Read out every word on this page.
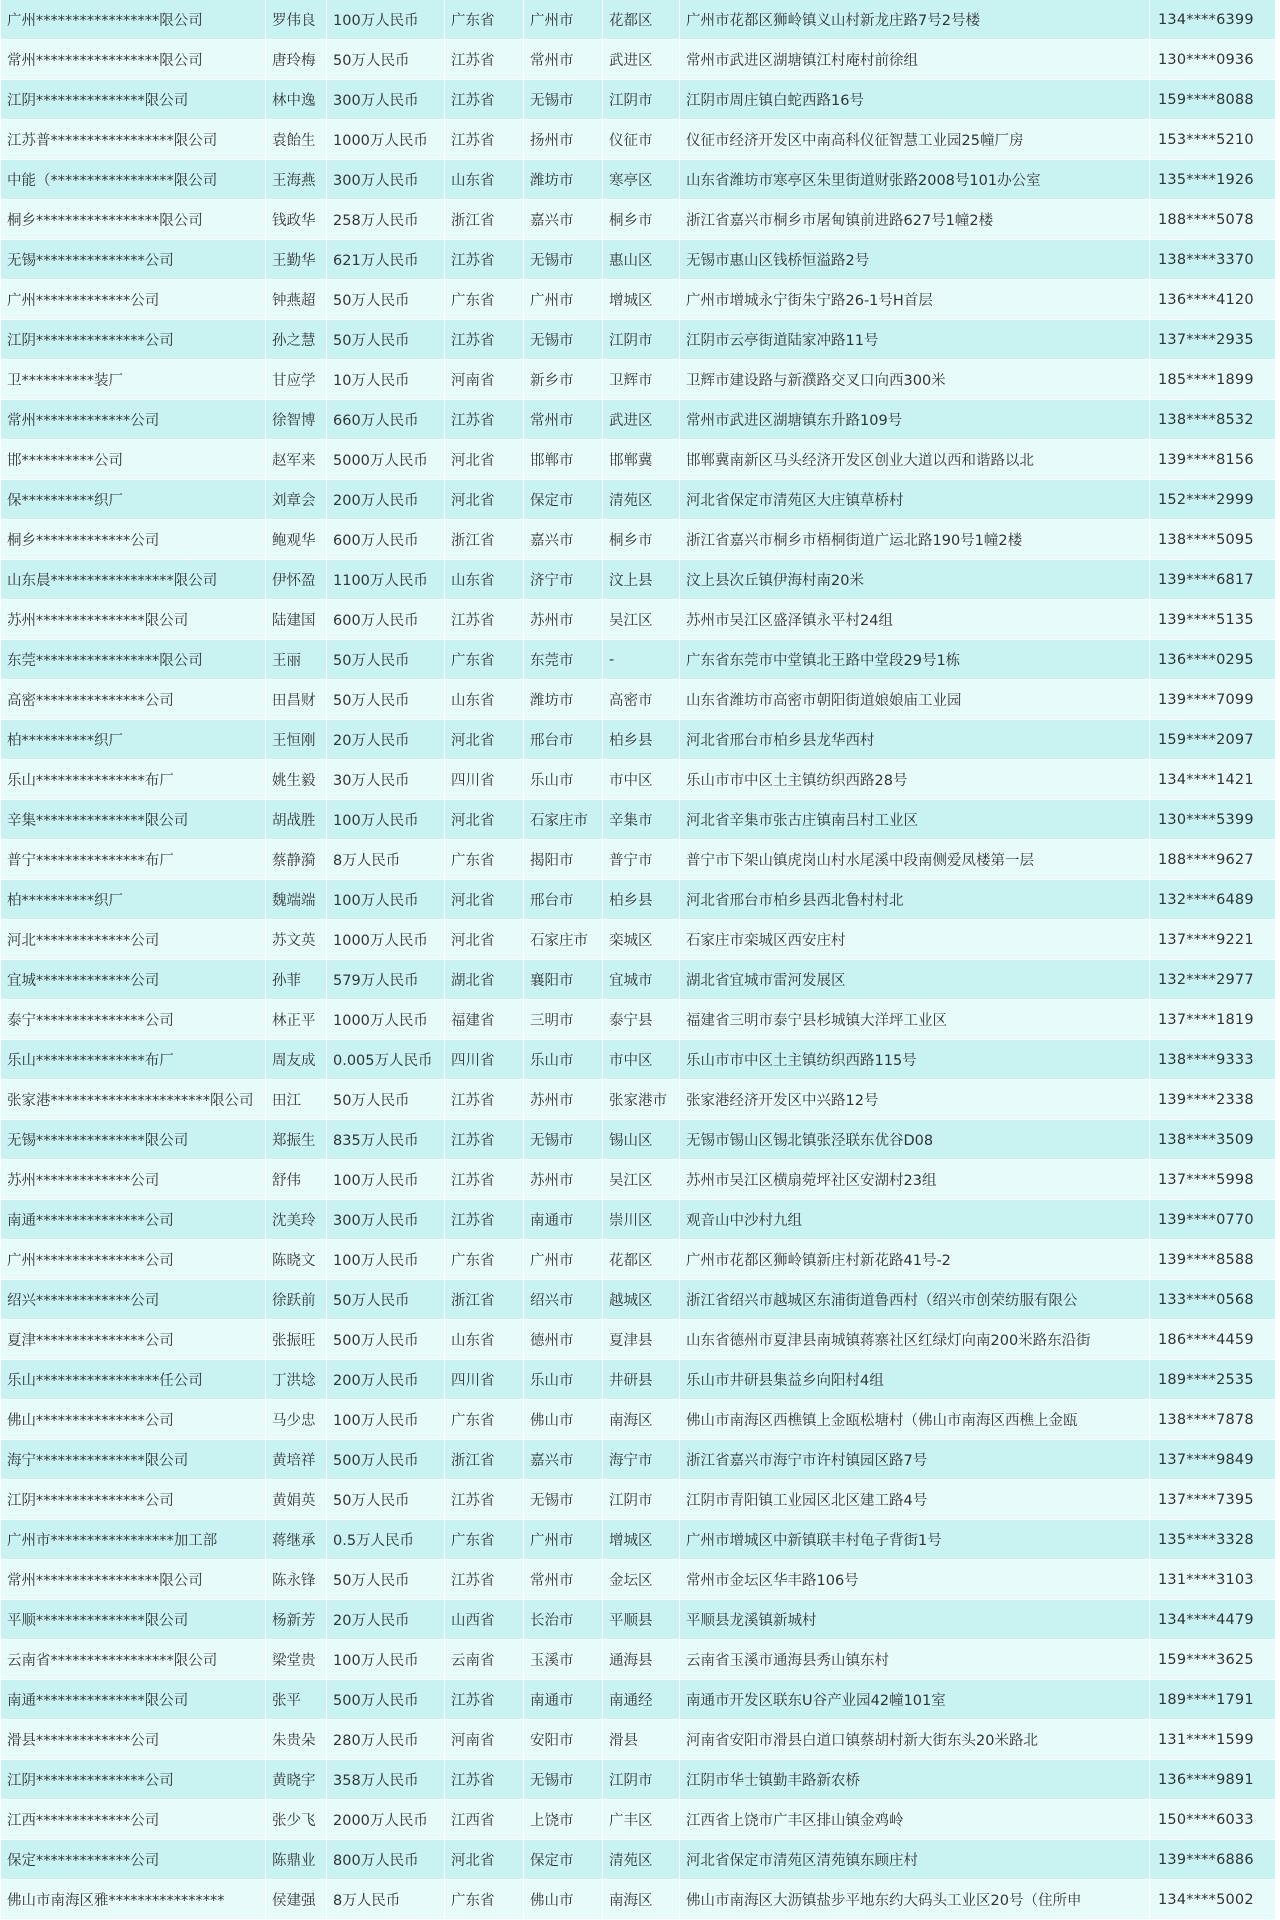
广州*****************限公司	罗伟良	100万人民币	广东省	广州市	花都区	广州市花都区狮岭镇义山村新龙庄路7号2号楼	134****6399
常州*****************限公司	唐玲梅	50万人民币	江苏省	常州市	武进区	常州市武进区湖塘镇江村庵村前徐组	130****0936
江阴***************限公司	林中逸	300万人民币	江苏省	无锡市	江阴市	江阴市周庄镇白蛇西路16号	159****8088
江苏普*****************限公司	袁飴生	1000万人民币	江苏省	扬州市	仪征市	仪征市经济开发区中南高科仪征智慧工业园25幢厂房	153****5210
中能（*****************限公司	王海燕	300万人民币	山东省	潍坊市	寒亭区	山东省潍坊市寒亭区朱里街道财张路2008号101办公室	135****1926
桐乡*****************限公司	钱政华	258万人民币	浙江省	嘉兴市	桐乡市	浙江省嘉兴市桐乡市屠甸镇前进路627号1幢2楼	188****5078
无锡***************公司	王勤华	621万人民币	江苏省	无锡市	惠山区	无锡市惠山区钱桥恒溢路2号	138****3370
广州*************公司	钟燕超	50万人民币	广东省	广州市	增城区	广州市增城永宁街朱宁路26-1号H首层	136****4120
江阴***************公司	孙之慧	50万人民币	江苏省	无锡市	江阴市	江阴市云亭街道陆家冲路11号	137****2935
卫**********装厂	甘应学	10万人民币	河南省	新乡市	卫辉市	卫辉市建设路与新濮路交叉口向西300米	185****1899
常州*************公司	徐智博	660万人民币	江苏省	常州市	武进区	常州市武进区湖塘镇东升路109号	138****8532
邯**********公司	赵军来	5000万人民币	河北省	邯郸市	邯郸冀	邯郸冀南新区马头经济开发区创业大道以西和谐路以北	139****8156
保**********织厂	刘章会	200万人民币	河北省	保定市	清苑区	河北省保定市清苑区大庄镇草桥村	152****2999
桐乡*************公司	鲍观华	600万人民币	浙江省	嘉兴市	桐乡市	浙江省嘉兴市桐乡市梧桐街道广运北路190号1幢2楼	138****5095
山东晨*****************限公司	伊怀盈	1100万人民币	山东省	济宁市	汶上县	汶上县次丘镇伊海村南20米	139****6817
苏州***************限公司	陆建国	600万人民币	江苏省	苏州市	吴江区	苏州市吴江区盛泽镇永平村24组	139****5135
东莞*****************限公司	王丽	50万人民币	广东省	东莞市	-	广东省东莞市中堂镇北王路中堂段29号1栋	136****0295
高密***************公司	田昌财	50万人民币	山东省	潍坊市	高密市	山东省潍坊市高密市朝阳街道娘娘庙工业园	139****7099
柏**********织厂	王恒刚	20万人民币	河北省	邢台市	柏乡县	河北省邢台市柏乡县龙华西村	159****2097
乐山***************布厂	姚生毅	30万人民币	四川省	乐山市	市中区	乐山市市中区土主镇纺织西路28号	134****1421
辛集***************限公司	胡战胜	100万人民币	河北省	石家庄市	辛集市	河北省辛集市张古庄镇南吕村工业区	130****5399
普宁***************布厂	蔡静漪	8万人民币	广东省	揭阳市	普宁市	普宁市下架山镇虎岗山村水尾溪中段南侧爱凤楼第一层	188****9627
柏**********织厂	魏端端	100万人民币	河北省	邢台市	柏乡县	河北省邢台市柏乡县西北鲁村村北	132****6489
河北*************公司	苏文英	1000万人民币	河北省	石家庄市	栾城区	石家庄市栾城区西安庄村	137****9221
宜城*************公司	孙菲	579万人民币	湖北省	襄阳市	宜城市	湖北省宜城市雷河发展区	132****2977
泰宁***************公司	林正平	1000万人民币	福建省	三明市	泰宁县	福建省三明市泰宁县杉城镇大洋坪工业区	137****1819
乐山***************布厂	周友成	0.005万人民币	四川省	乐山市	市中区	乐山市市中区土主镇纺织西路115号	138****9333
张家港**********************限公司	田江	50万人民币	江苏省	苏州市	张家港市	张家港经济开发区中兴路12号	139****2338
无锡***************限公司	郑振生	835万人民币	江苏省	无锡市	锡山区	无锡市锡山区锡北镇张泾联东优谷D08	138****3509
苏州*************公司	舒伟	100万人民币	江苏省	苏州市	吴江区	苏州市吴江区横扇菀坪社区安湖村23组	137****5998
南通***************公司	沈美玲	300万人民币	江苏省	南通市	崇川区	观音山中沙村九组	139****0770
广州***************公司	陈晓文	100万人民币	广东省	广州市	花都区	广州市花都区狮岭镇新庄村新花路41号-2	139****8588
绍兴*************公司	徐跃前	50万人民币	浙江省	绍兴市	越城区	浙江省绍兴市越城区东浦街道鲁西村（绍兴市创荣纺服有限公	133****0568
夏津***************公司	张振旺	500万人民币	山东省	德州市	夏津县	山东省德州市夏津县南城镇蒋寨社区红绿灯向南200米路东沿街	186****4459
乐山*****************任公司	丁洪埝	200万人民币	四川省	乐山市	井研县	乐山市井研县集益乡向阳村4组	189****2535
佛山***************公司	马少忠	100万人民币	广东省	佛山市	南海区	佛山市南海区西樵镇上金瓯松塘村（佛山市南海区西樵上金瓯	138****7878
海宁***************限公司	黄培祥	500万人民币	浙江省	嘉兴市	海宁市	浙江省嘉兴市海宁市许村镇园区路7号	137****9849
江阴***************公司	黄娟英	50万人民币	江苏省	无锡市	江阴市	江阴市青阳镇工业园区北区建工路4号	137****7395
广州市*****************加工部	蒋继承	0.5万人民币	广东省	广州市	增城区	广州市增城区中新镇联丰村龟子背街1号	135****3328
常州*****************限公司	陈永锋	50万人民币	江苏省	常州市	金坛区	常州市金坛区华丰路106号	131****3103
平顺***************限公司	杨新芳	20万人民币	山西省	长治市	平顺县	平顺县龙溪镇新城村	134****4479
云南省*****************限公司	梁堂贵	100万人民币	云南省	玉溪市	通海县	云南省玉溪市通海县秀山镇东村	159****3625
南通***************限公司	张平	500万人民币	江苏省	南通市	南通经	南通市开发区联东U谷产业园42幢101室	189****1791
滑县*************公司	朱贵朵	280万人民币	河南省	安阳市	滑县	河南省安阳市滑县白道口镇蔡胡村新大街东头20米路北	131****1599
江阴***************公司	黄晓宇	358万人民币	江苏省	无锡市	江阴市	江阴市华士镇勤丰路新农桥	136****9891
江西*************公司	张少飞	2000万人民币	江西省	上饶市	广丰区	江西省上饶市广丰区排山镇金鸡岭	150****6033
保定*************公司	陈鼎业	800万人民币	河北省	保定市	清苑区	河北省保定市清苑区清苑镇东顾庄村	139****6886
佛山市南海区雅****************	侯建强	8万人民币	广东省	佛山市	南海区	佛山市南海区大沥镇盐步平地东约大码头工业区20号（住所申	134****5002
